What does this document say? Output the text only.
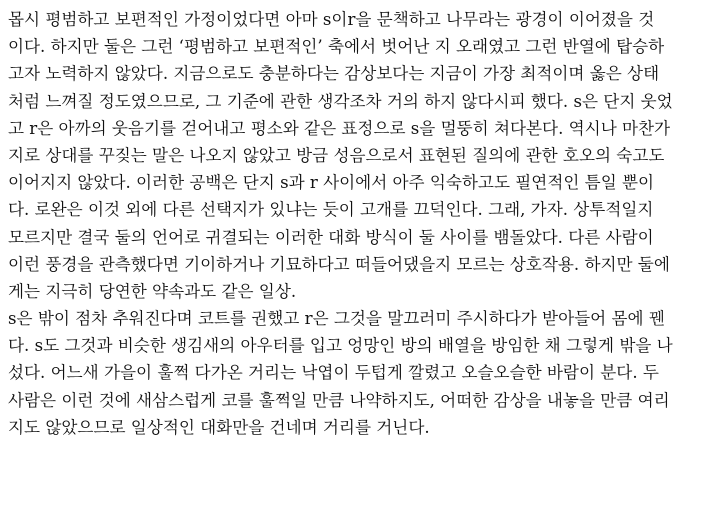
몹시 평범하고 보편적인 가정이었다면 아마 s이r을 문책하고 나무라는 광경이 이어졌을 것
이다. 하지만 둘은 그런 ‘평범하고 보편적인’ 축에서 벗어난 지 오래였고 그런 반열에 탑승하
고자 노력하지 않았다. 지금으로도 충분하다는 감상보다는 지금이 가장 최적이며 옳은 상태
처럼 느껴질 정도였으므로, 그 기준에 관한 생각조차 거의 하지 않다시피 했다. s은 단지 웃었
고 r은 아까의 웃음기를 걷어내고 평소와 같은 표정으로 s을 멀뚱히 쳐다본다. 역시나 마찬가
지로 상대를 꾸짖는 말은 나오지 않았고 방금 성음으로서 표현된 질의에 관한 호오의 숙고도
이어지지 않았다. 이러한 공백은 단지 s과 r 사이에서 아주 익숙하고도 필연적인 틈일 뿐이
다. 로완은 이것 외에 다른 선택지가 있냐는 듯이 고개를 끄덕인다. 그래, 가자. 상투적일지
모르지만 결국 둘의 언어로 귀결되는 이러한 대화 방식이 둘 사이를 뱀돌았다. 다른 사람이
이런 풍경을 관측했다면 기이하거나 기묘하다고 떠들어댔을지 모르는 상호작용. 하지만 둘에
게는 지극히 당연한 약속과도 같은 일상.
s은 밖이 점차 추워진다며 코트를 권했고 r은 그것을 말끄러미 주시하다가 받아들어 몸에 꿴
다. s도 그것과 비슷한 생김새의 아우터를 입고 엉망인 방의 배열을 방임한 채 그렇게 밖을 나
섰다. 어느새 가을이 훌쩍 다가온 거리는 낙엽이 두텁게 깔렸고 오슬오슬한 바람이 분다. 두
사람은 이런 것에 새삼스럽게 코를 훌쩍일 만큼 나약하지도, 어떠한 감상을 내놓을 만큼 여리
지도 않았으므로 일상적인 대화만을 건네며 거리를 거닌다.
